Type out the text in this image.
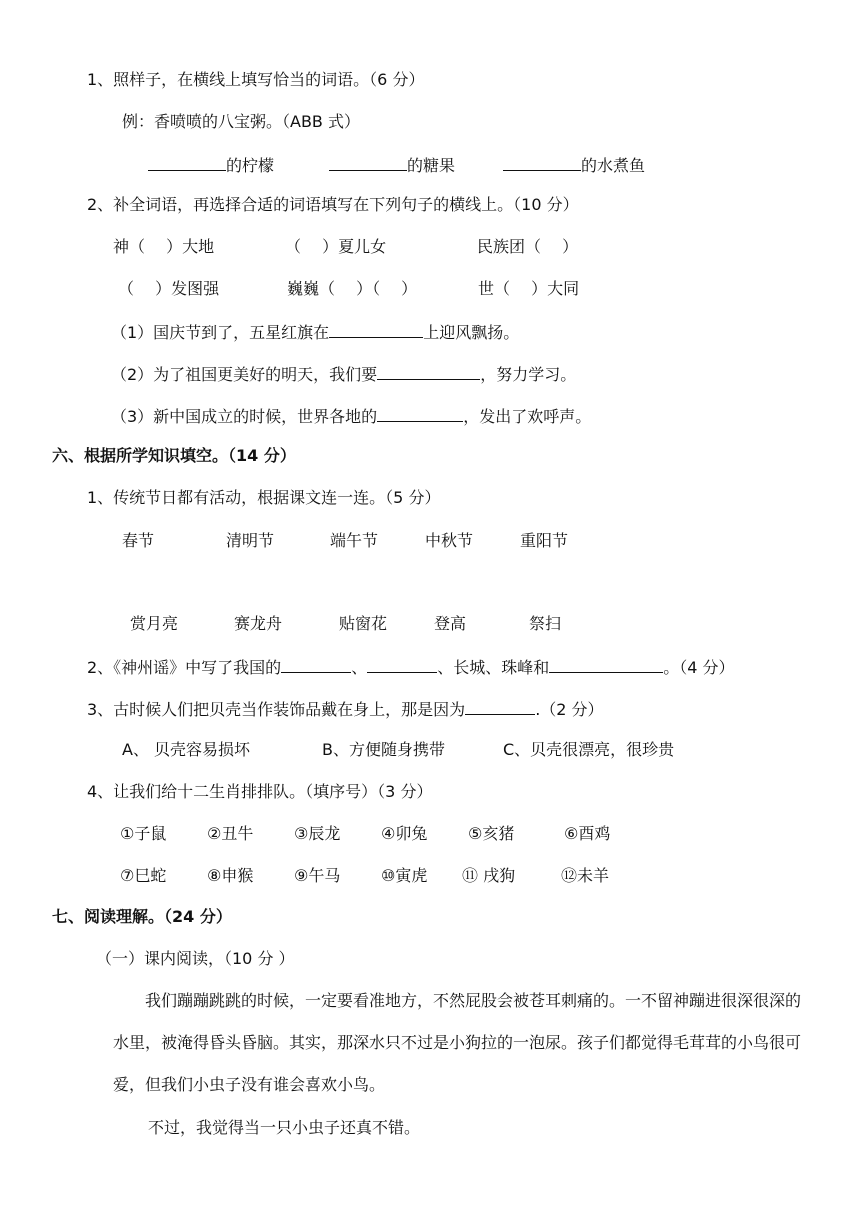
1、照样子，在横线上填写恰当的词语。（6 分）
例：香喷喷的八宝粥。（ABB 式）
的柠檬	的糖果	的水煮鱼
2、补全词语，再选择合适的词语填写在下列句子的横线上。（10 分）
神（　 ）大地	（　 ）夏儿女	民族团（　 ）
（　 ）发图强	巍巍（　 ）（　 ）	世（　 ）大同
（1）国庆节到了，五星红旗在	上迎风飘扬。
（2）为了祖国更美好的明天，我们要	，努力学习。
（3）新中国成立的时候，世界各地的	，发出了欢呼声。
六、根据所学知识填空。（14 分）
1、传统节日都有活动，根据课文连一连。（5 分）
春节	清明节	端午节	中秋节	重阳节
赏月亮	赛龙舟	贴窗花	登高	祭扫
2、《神州谣》中写了我国的	、	、长城、珠峰和	。（4 分）
3、古时候人们把贝壳当作装饰品戴在身上，那是因为	.（2 分）
A、 贝壳容易损坏	B、方便随身携带	C、贝壳很漂亮，很珍贵
4、让我们给十二生肖排排队。（填序号）（3 分）
①子鼠	②丑牛	③辰龙	④卯兔	⑤亥猪	⑥酉鸡
⑦巳蛇	⑧申猴	⑨午马	⑩寅虎 ⑪ 戌狗	⑫未羊
七、阅读理解。（24 分）
（一）课内阅读，（10 分 ）
我们蹦蹦跳跳的时候，一定要看准地方，不然屁股会被苍耳刺痛的。一不留神蹦进很深很深的水里，被淹得昏头昏脑。其实，那深水只不过是小狗拉的一泡尿。孩子们都觉得毛茸茸的小鸟很可爱，但我们小虫子没有谁会喜欢小鸟。
不过，我觉得当一只小虫子还真不错。
